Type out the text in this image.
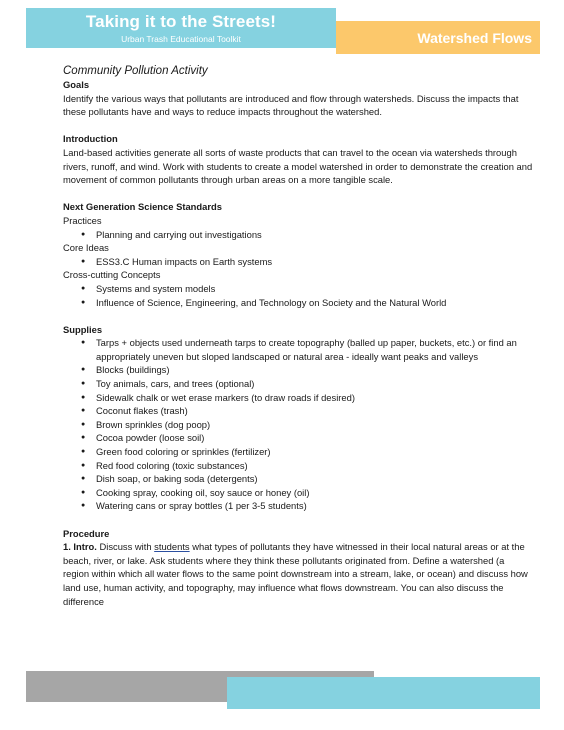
Taking it to the Streets!
Urban Trash Educational Toolkit	Watershed Flows

Community Pollution Activity

Goals

Identify the various ways that pollutants are introduced and flow through watersheds. Discuss the impacts that these pollutants have and ways to reduce impacts throughout the watershed.

Introduction

Land-based activities generate all sorts of waste products that can travel to the ocean via watersheds through rivers, runoff, and wind. Work with students to create a model watershed in order to demonstrate the creation and movement of common pollutants through urban areas on a more tangible scale.

Next Generation Science Standards

Practices

● Planning and carrying out investigations

Core Ideas

● ESS3.C Human impacts on Earth systems

Cross-cutting Concepts

● Systems and system models
● Influence of Science, Engineering, and Technology on Society and the Natural World

Supplies

● Tarps + objects used underneath tarps to create topography (balled up paper, buckets, etc.) or find an appropriately uneven but sloped landscaped or natural area - ideally want peaks and valleys
● Blocks (buildings)
● Toy animals, cars, and trees (optional)
● Sidewalk chalk or wet erase markers (to draw roads if desired)
● Coconut flakes (trash)
● Brown sprinkles (dog poop)
● Cocoa powder (loose soil)
● Green food coloring or sprinkles (fertilizer)
● Red food coloring (toxic substances)
● Dish soap, or baking soda (detergents)
● Cooking spray, cooking oil, soy sauce or honey (oil)
● Watering cans or spray bottles (1 per 3-5 students)

Procedure

1. Intro. Discuss with students what types of pollutants they have witnessed in their local natural areas or at the beach, river, or lake. Ask students where they think these pollutants originated from. Define a watershed (a region within which all water flows to the same point downstream into a stream, lake, or ocean) and discuss how land use, human activity, and topography, may influence what flows downstream. You can also discuss the difference
